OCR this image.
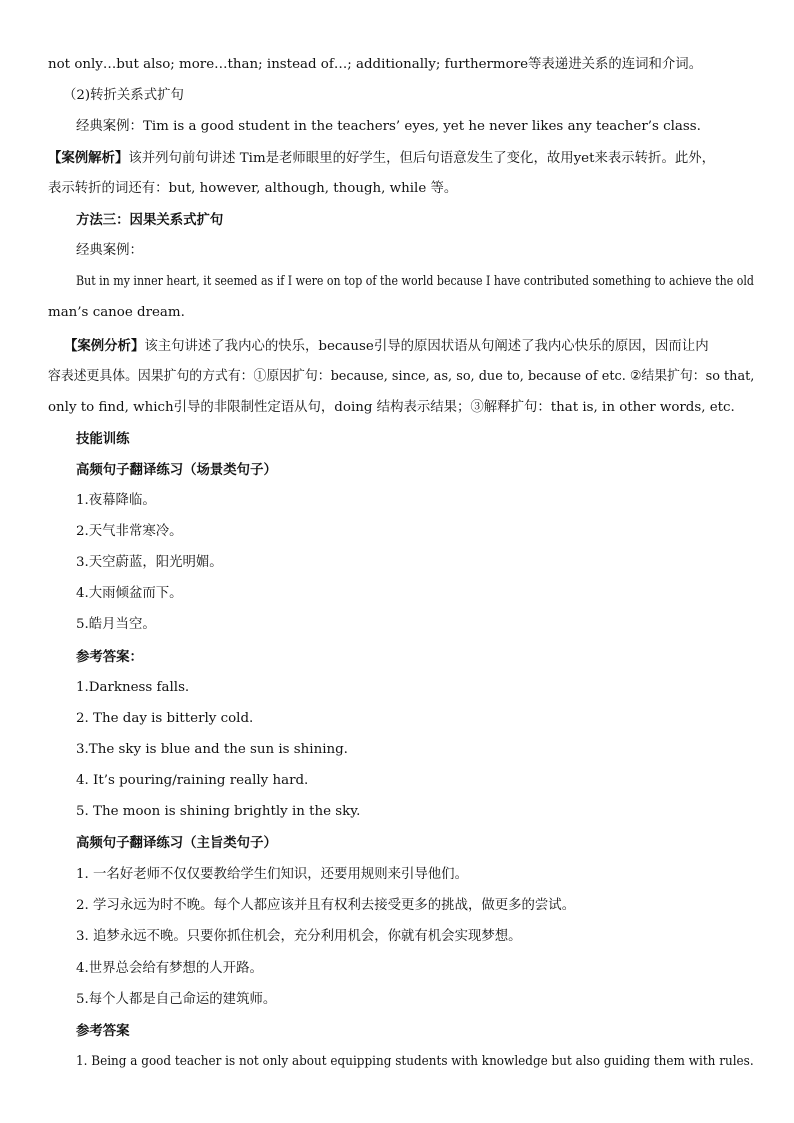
not only…but also; more…than; instead of…; additionally; furthermore等表递进关系的连词和介词。
（2)转折关系式扩句
经典案例：Tim is a good student in the teachers’ eyes, yet he never likes any teacher’s class.
【案例解析】该并列句前句讲述 Tim是老师眼里的好学生，但后句语意发生了变化，故用yet来表示转折。此外，
表示转折的词还有：but, however, although, though, while 等。
方法三：因果关系式扩句
经典案例：
But in my inner heart, it seemed as if I were on top of the world because I have contributed something to achieve the old
man’s canoe dream.
【案例分析】该主句讲述了我内心的快乐，because引导的原因状语从句阐述了我内心快乐的原因，因而让内
容表述更具体。因果扩句的方式有：①原因扩句：because, since, as, so, due to, because of etc. ②结果扩句：so that,
only to find, which引导的非限制性定语从句，doing 结构表示结果；③解释扩句：that is, in other words, etc.
技能训练
高频句子翻译练习（场景类句子）
1.夜幕降临。
2.天气非常寒冷。
3.天空蔚蓝，阳光明媚。
4.大雨倾盆而下。
5.皓月当空。
参考答案：
1.Darkness falls.
2. The day is bitterly cold.
3.The sky is blue and the sun is shining.
4. It’s pouring/raining really hard.
5. The moon is shining brightly in the sky.
高频句子翻译练习（主旨类句子）
1. 一名好老师不仅仅要教给学生们知识，还要用规则来引导他们。
2. 学习永远为时不晚。每个人都应该并且有权利去接受更多的挑战，做更多的尝试。
3. 追梦永远不晚。只要你抓住机会，充分利用机会，你就有机会实现梦想。
4.世界总会给有梦想的人开路。
5.每个人都是自己命运的建筑师。
参考答案
1. Being a good teacher is not only about equipping students with knowledge but also guiding them with rules.
